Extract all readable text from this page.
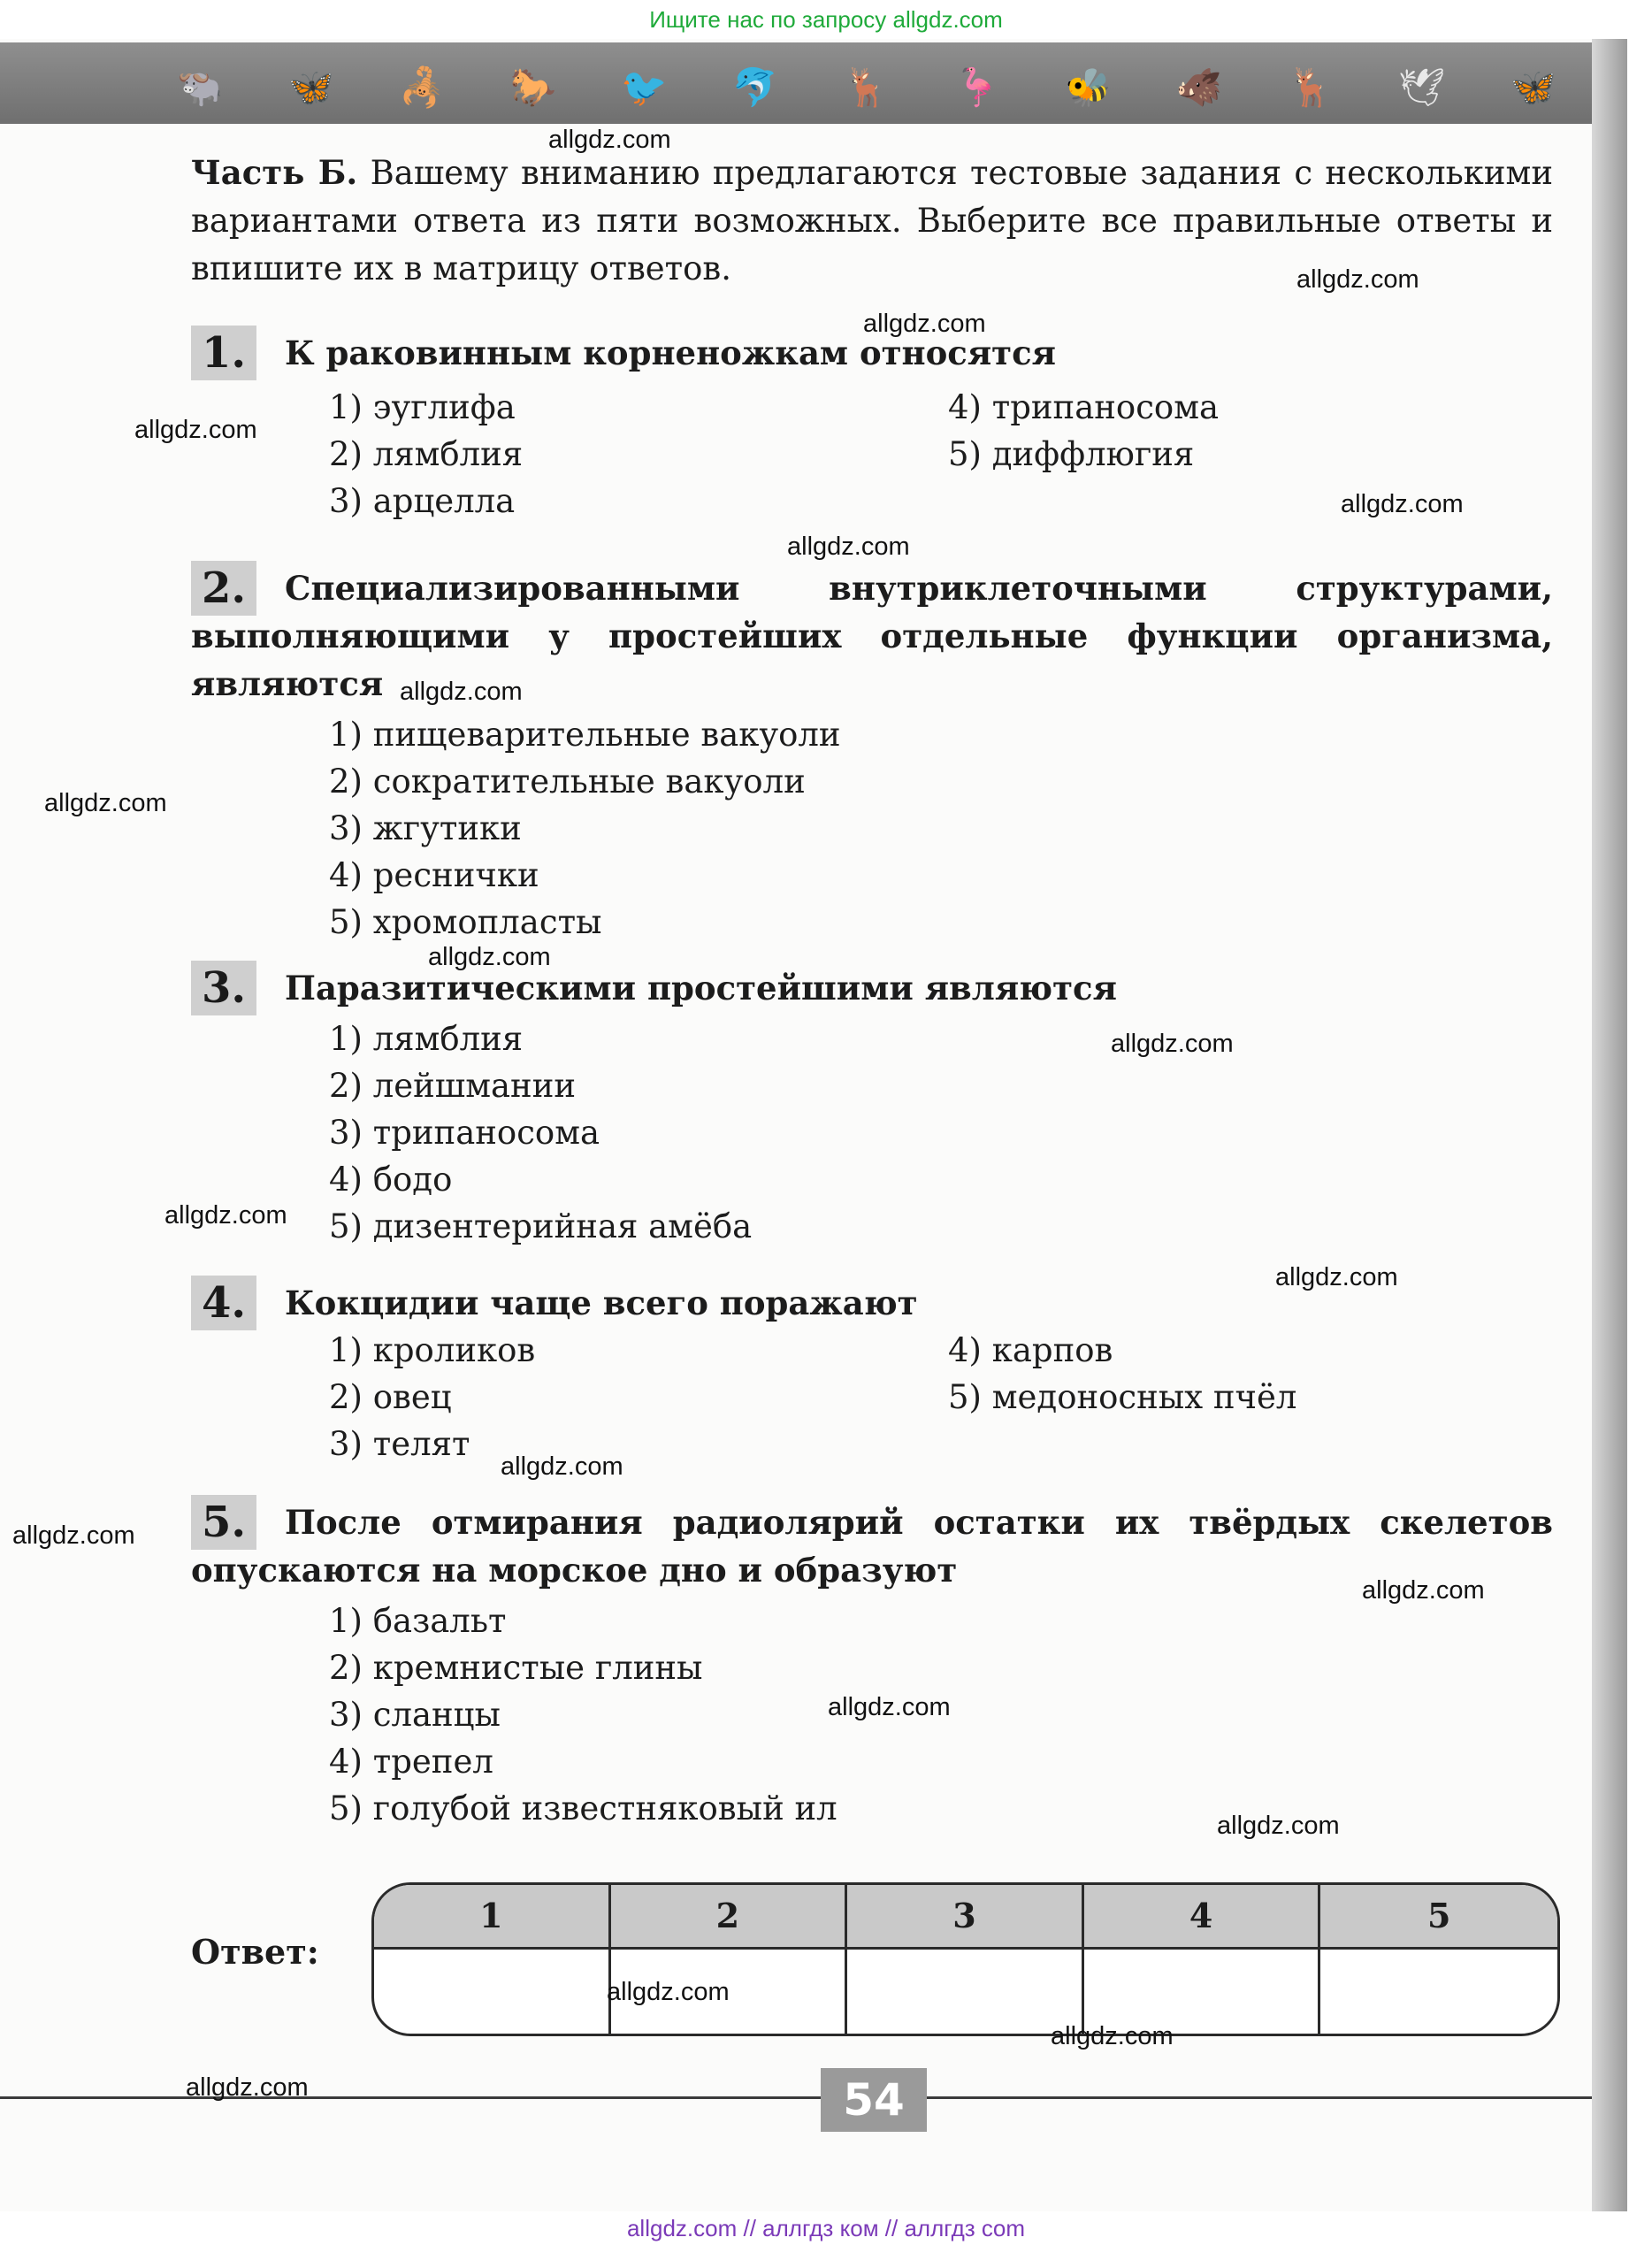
Ищите нас по запросу allgdz.com
🐃 🦋 🦂 🐎 🐦 🐬 🦌 🦩 🐝 🐗 🦌 🕊 🦋
Часть Б. Вашему вниманию предлагаются тестовые задания с несколькими вариантами ответа из пяти возможных. Выберите все правильные ответы и впишите их в матрицу ответов.
1.	К раковинным корненожкам относятся
1) эуглифа	4) трипаносома
2) лямблия	5) диффлюгия
3) арцелла
2.	Специализированными внутриклеточными структурами, выполняющими у простейших отдельные функции организма, являются
1) пищеварительные вакуоли
2) сократительные вакуоли
3) жгутики
4) реснички
5) хромопласты
3.	Паразитическими простейшими являются
1) лямблия
2) лейшмании
3) трипаносома
4) бодо
5) дизентерийная амёба
4.	Кокцидии чаще всего поражают
1) кроликов	4) карпов
2) овец	5) медоносных пчёл
3) телят
5.	После отмирания радиолярий остатки их твёрдых скелетов опускаются на морское дно и образуют
1) базальт
2) кремнистые глины
3) сланцы
4) трепел
5) голубой известняковый ил
Ответ:
1	2	3	4	5
54
allgdz.com
allgdz.com
allgdz.com
allgdz.com
allgdz.com
allgdz.com
allgdz.com
allgdz.com
allgdz.com
allgdz.com
allgdz.com
allgdz.com
allgdz.com
allgdz.com
allgdz.com
allgdz.com
allgdz.com
allgdz.com
allgdz.com
allgdz.com
allgdz.com // аллгдз ком // аллгдз com
